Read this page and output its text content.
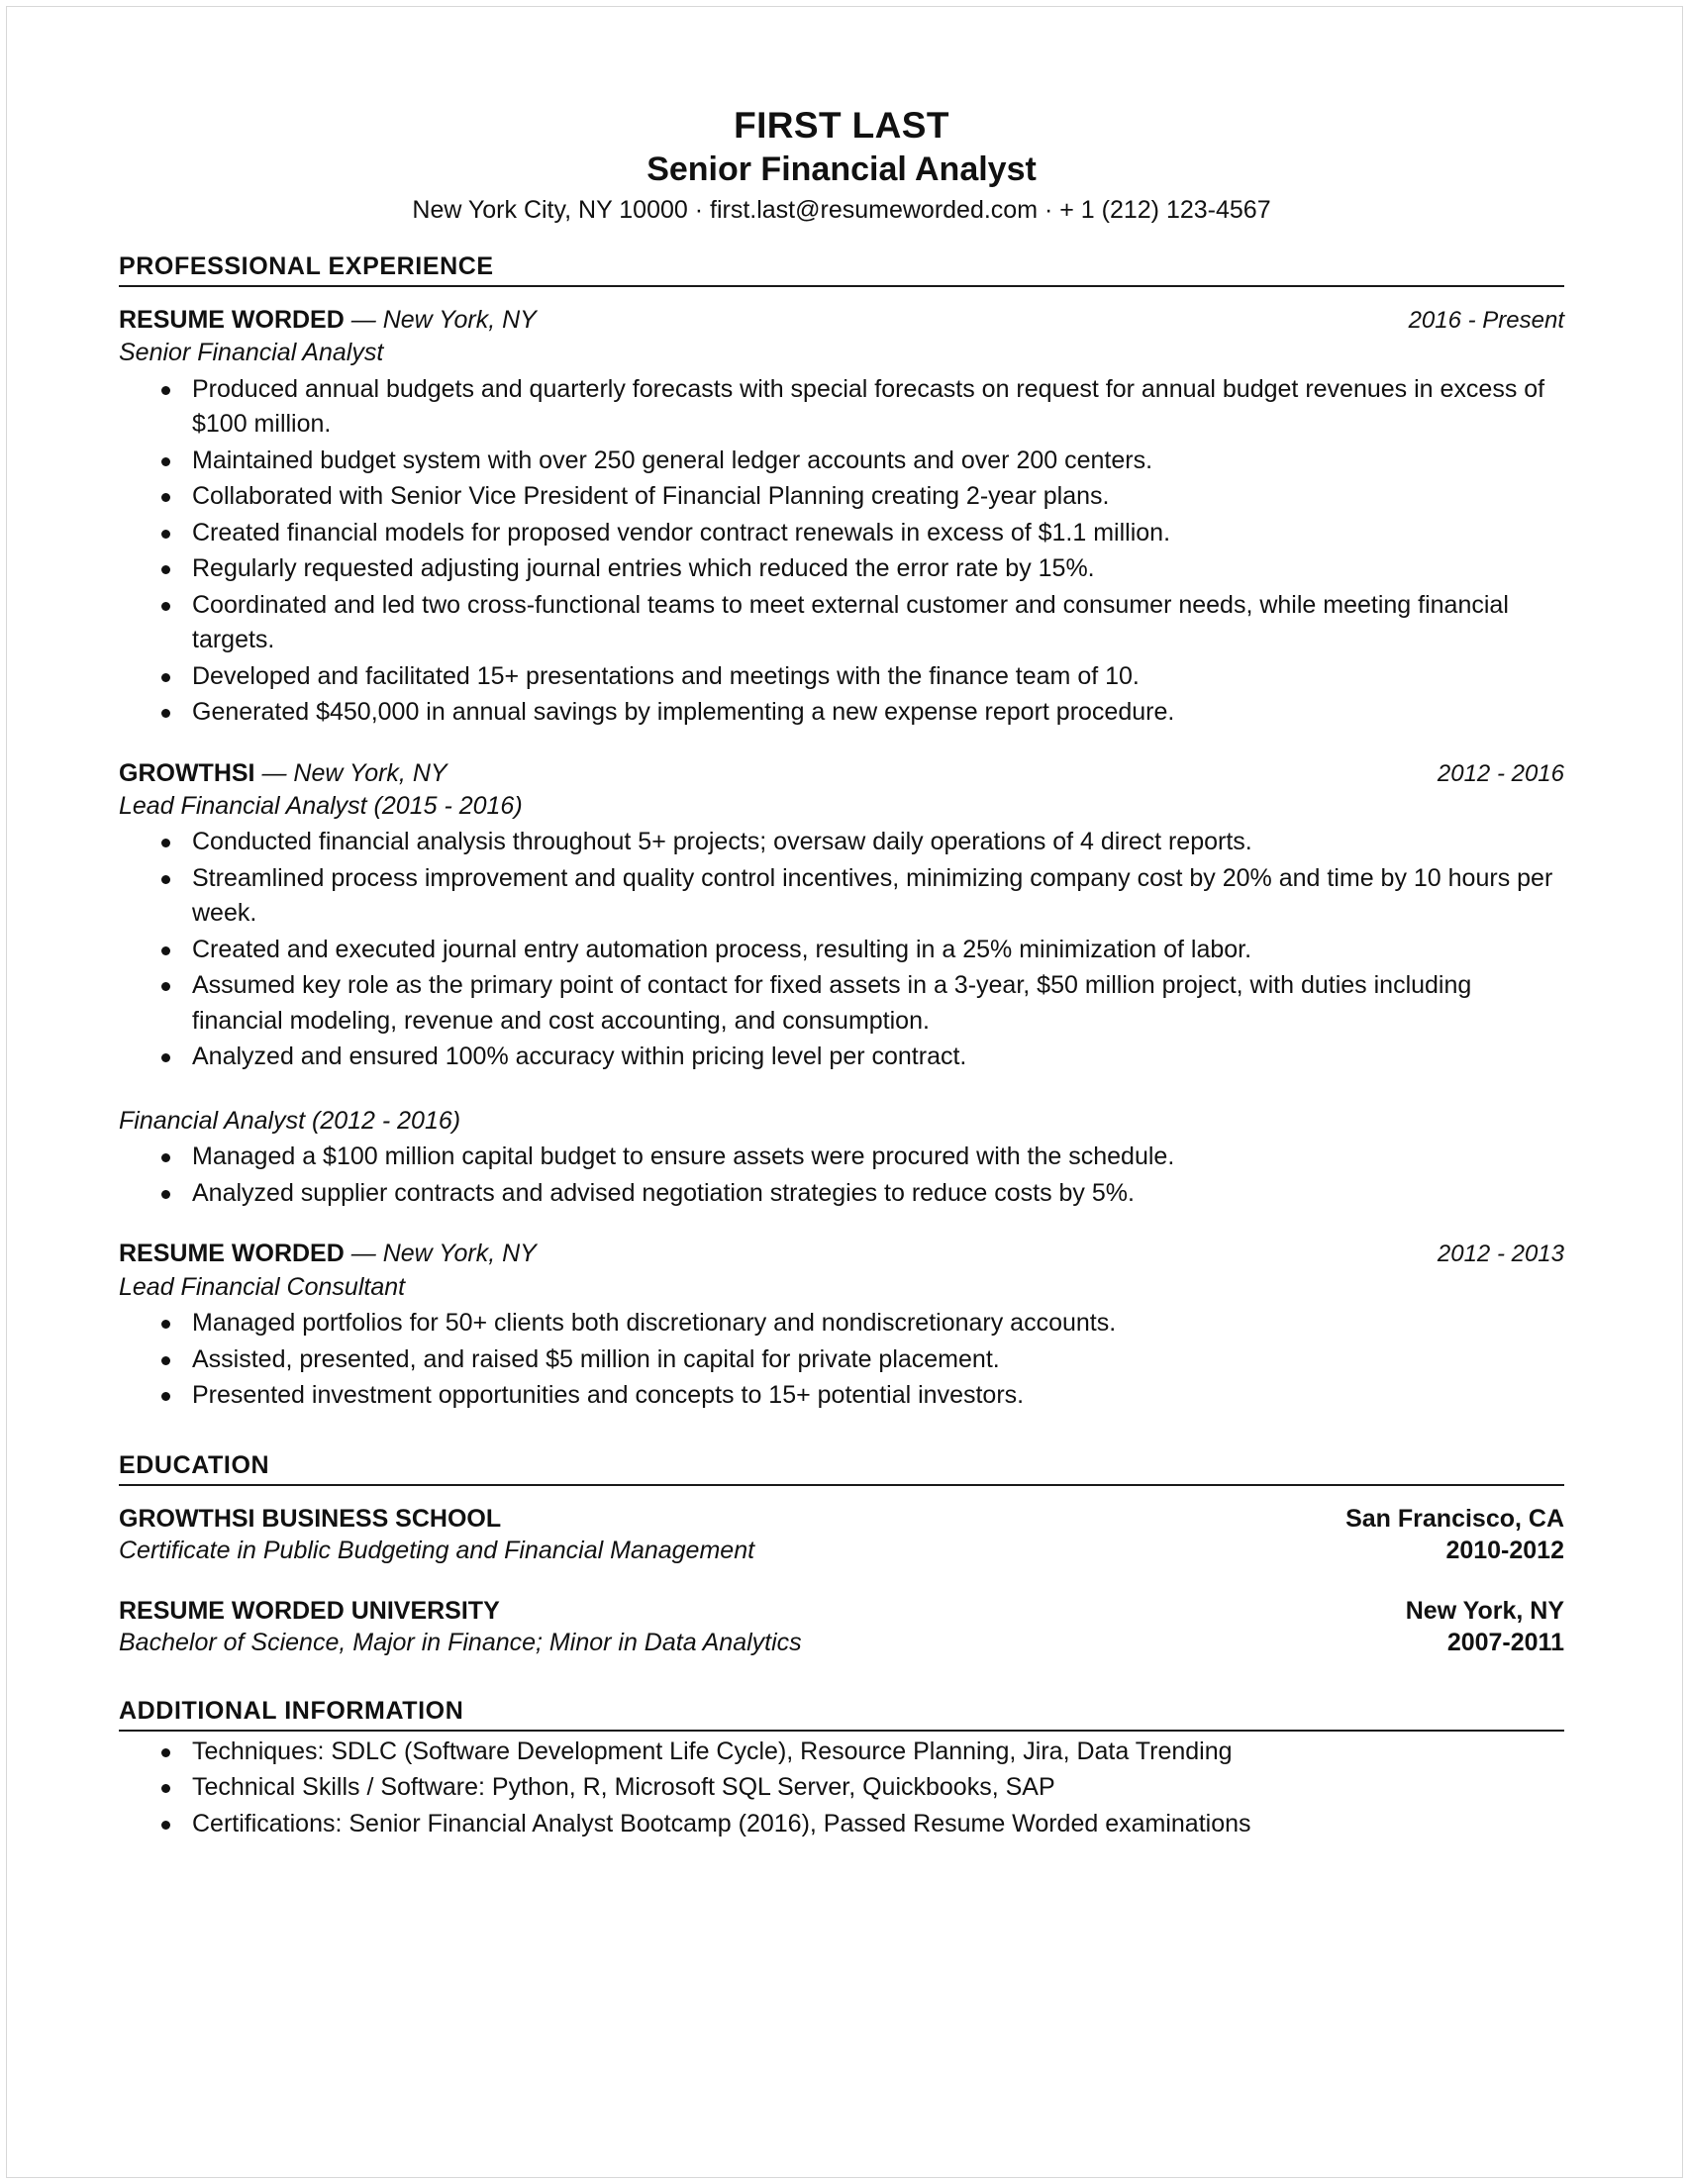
FIRST LAST
Senior Financial Analyst
New York City, NY 10000 · first.last@resumeworded.com · + 1 (212) 123-4567
PROFESSIONAL EXPERIENCE
RESUME WORDED — New York, NY	2016 - Present
Senior Financial Analyst
Produced annual budgets and quarterly forecasts with special forecasts on request for annual budget revenues in excess of $100 million.
Maintained budget system with over 250 general ledger accounts and over 200 centers.
Collaborated with Senior Vice President of Financial Planning creating 2-year plans.
Created financial models for proposed vendor contract renewals in excess of $1.1 million.
Regularly requested adjusting journal entries which reduced the error rate by 15%.
Coordinated and led two cross-functional teams to meet external customer and consumer needs, while meeting financial targets.
Developed and facilitated 15+ presentations and meetings with the finance team of 10.
Generated $450,000 in annual savings by implementing a new expense report procedure.
GROWTHSI — New York, NY	2012 - 2016
Lead Financial Analyst (2015 - 2016)
Conducted financial analysis throughout 5+ projects; oversaw daily operations of 4 direct reports.
Streamlined process improvement and quality control incentives, minimizing company cost by 20% and time by 10 hours per week.
Created and executed journal entry automation process, resulting in a 25% minimization of labor.
Assumed key role as the primary point of contact for fixed assets in a 3-year, $50 million project, with duties including financial modeling, revenue and cost accounting, and consumption.
Analyzed and ensured 100% accuracy within pricing level per contract.
Financial Analyst (2012 - 2016)
Managed a $100 million capital budget to ensure assets were procured with the schedule.
Analyzed supplier contracts and advised negotiation strategies to reduce costs by 5%.
RESUME WORDED — New York, NY	2012 - 2013
Lead Financial Consultant
Managed portfolios for 50+ clients both discretionary and nondiscretionary accounts.
Assisted, presented, and raised $5 million in capital for private placement.
Presented investment opportunities and concepts to 15+ potential investors.
EDUCATION
GROWTHSI BUSINESS SCHOOL	San Francisco, CA
Certificate in Public Budgeting and Financial Management	2010-2012
RESUME WORDED UNIVERSITY	New York, NY
Bachelor of Science, Major in Finance; Minor in Data Analytics	2007-2011
ADDITIONAL INFORMATION
Techniques: SDLC (Software Development Life Cycle), Resource Planning, Jira, Data Trending
Technical Skills / Software: Python, R, Microsoft SQL Server, Quickbooks, SAP
Certifications: Senior Financial Analyst Bootcamp (2016), Passed Resume Worded examinations
